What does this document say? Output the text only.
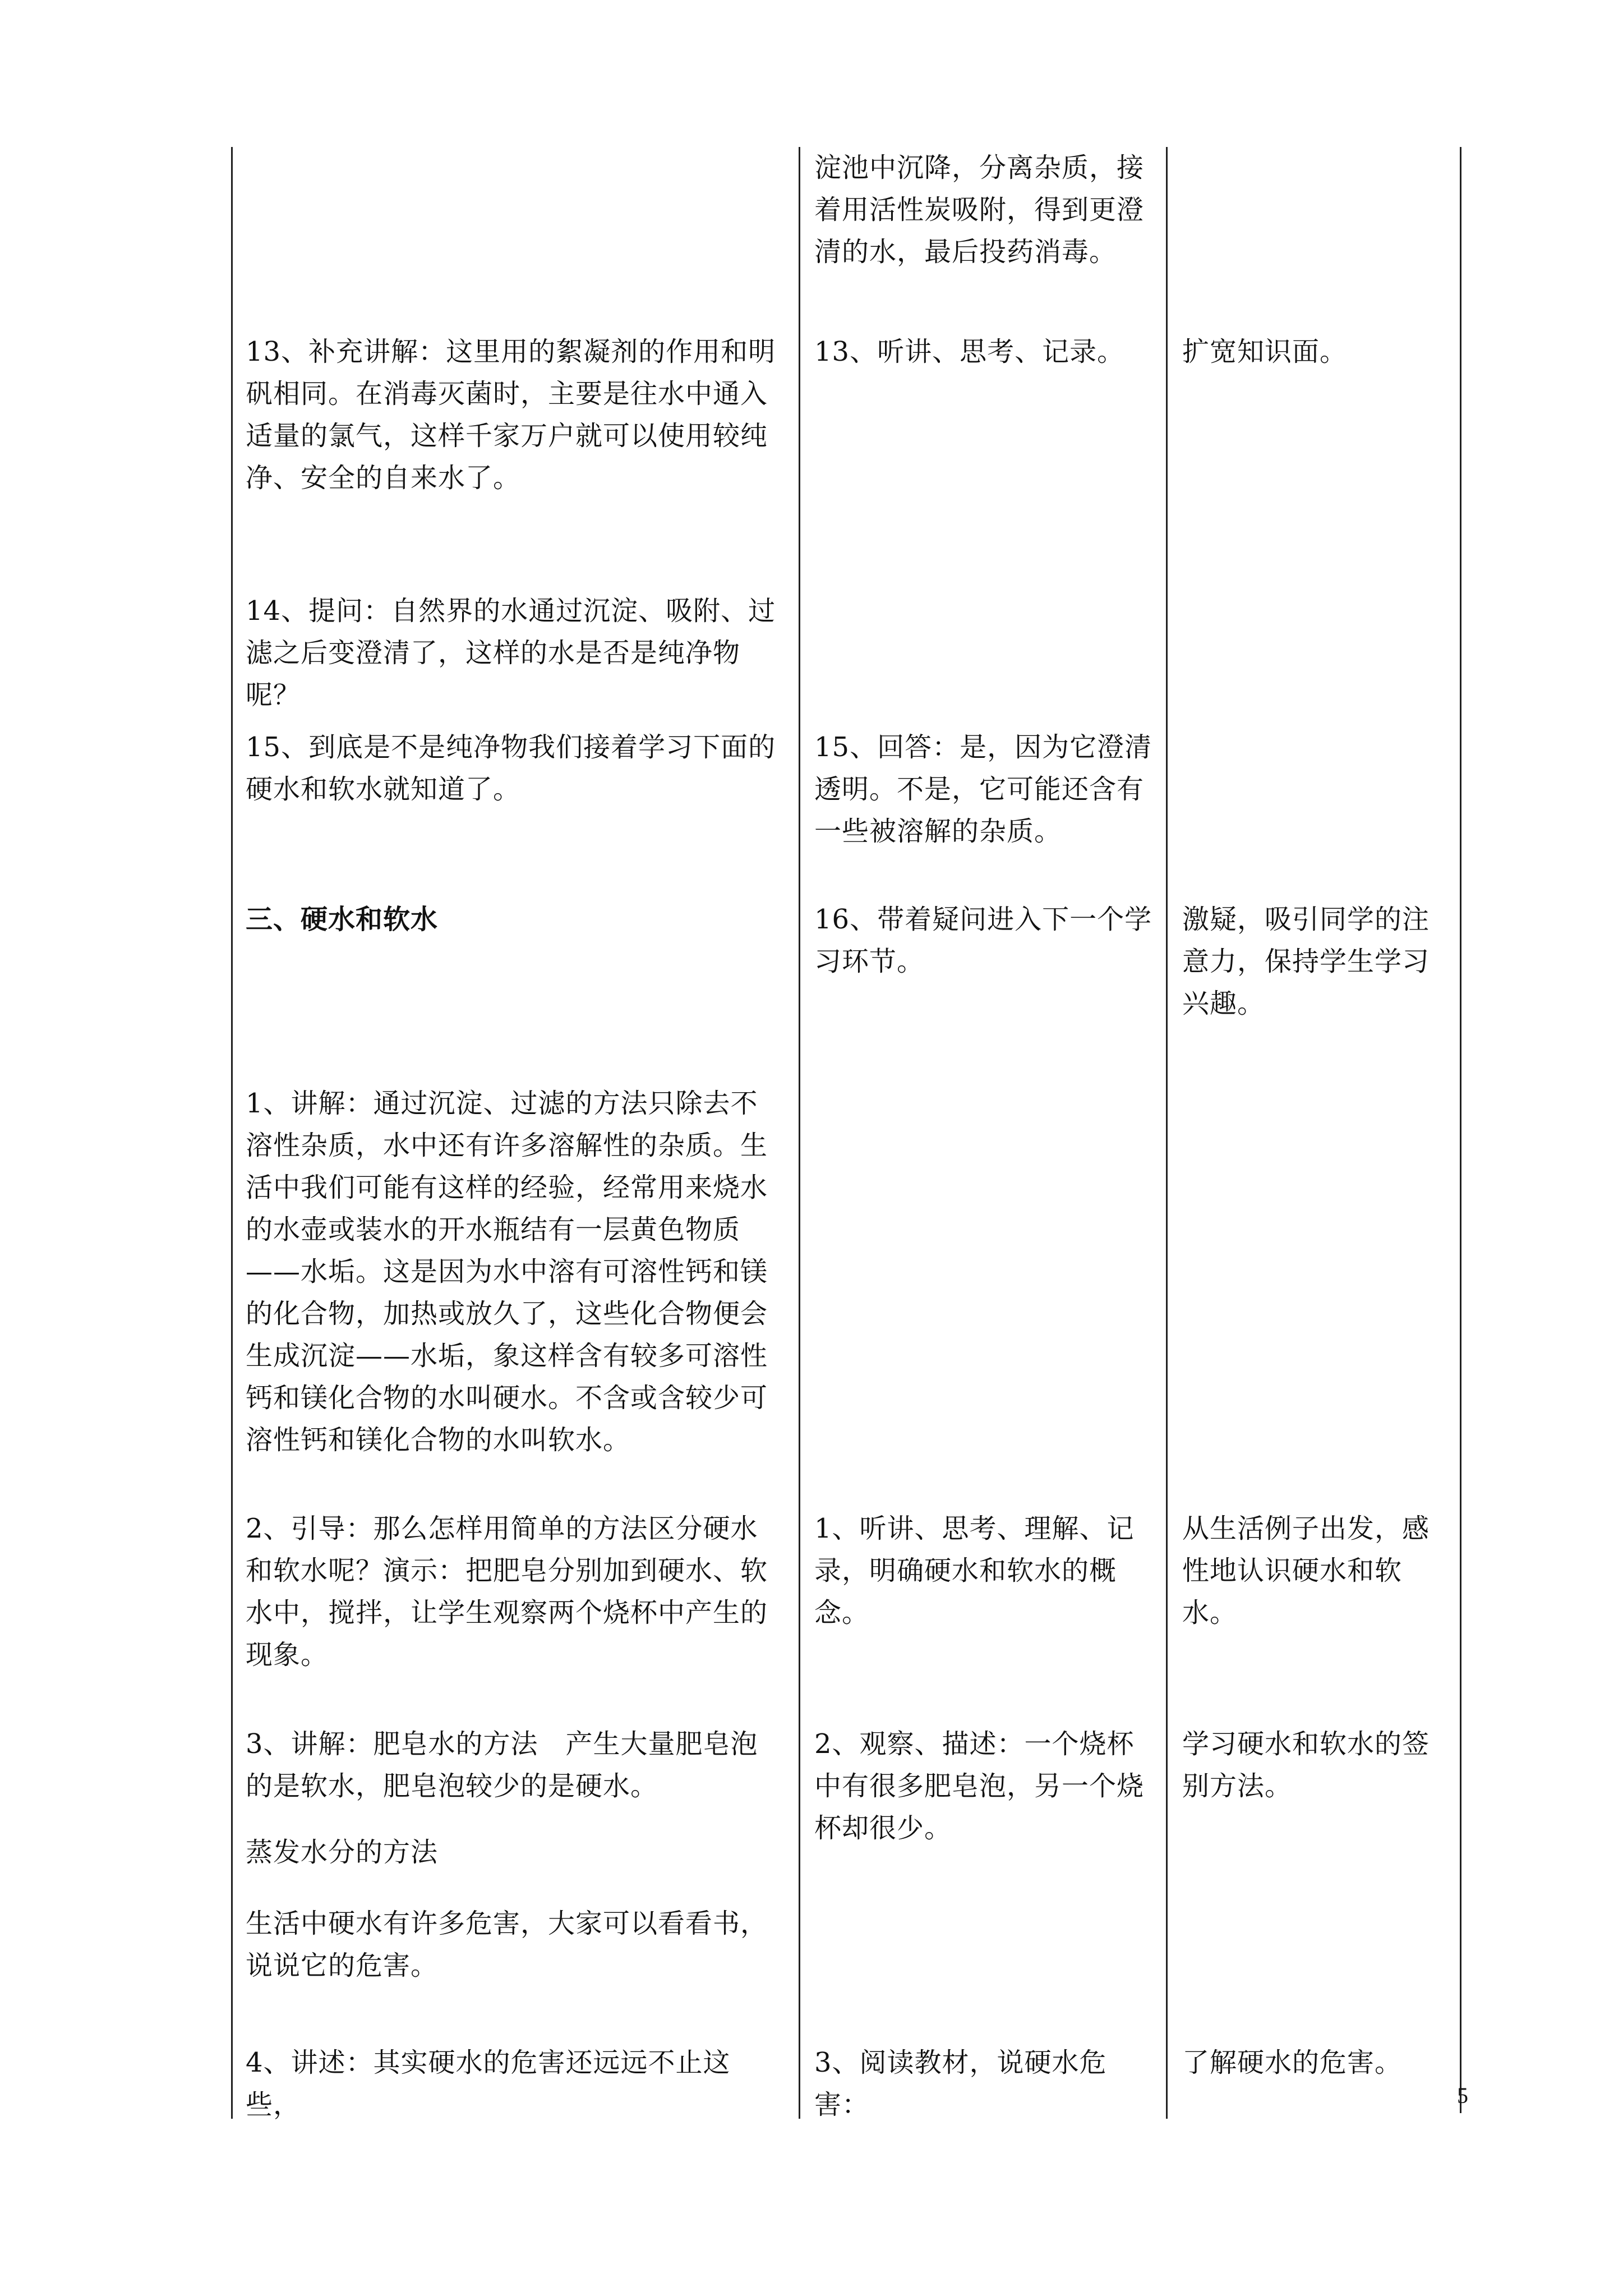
淀池中沉降，分离杂质，接
着用活性炭吸附，得到更澄
清的水，最后投药消毒。

13、补充讲解：这里用的絮凝剂的作用和明
矾相同。在消毒灭菌时，主要是往水中通入
适量的氯气，这样千家万户就可以使用较纯
净、安全的自来水了。

13、听讲、思考、记录。	扩宽知识面。

14、提问：自然界的水通过沉淀、吸附、过
滤之后变澄清了，这样的水是否是纯净物
呢？

15、到底是不是纯净物我们接着学习下面的
硬水和软水就知道了。

15、回答：是，因为它澄清
透明。不是，它可能还含有
一些被溶解的杂质。

三、硬水和软水	16、带着疑问进入下一个学
习环节。

激疑，吸引同学的注
意力，保持学生学习
兴趣。

1、讲解：通过沉淀、过滤的方法只除去不
溶性杂质，水中还有许多溶解性的杂质。生
活中我们可能有这样的经验，经常用来烧水
的水壶或装水的开水瓶结有一层黄色物质
——水垢。这是因为水中溶有可溶性钙和镁
的化合物，加热或放久了，这些化合物便会
生成沉淀——水垢，象这样含有较多可溶性
钙和镁化合物的水叫硬水。不含或含较少可
溶性钙和镁化合物的水叫软水。

2、引导：那么怎样用简单的方法区分硬水
和软水呢？演示：把肥皂分别加到硬水、软
水中，搅拌，让学生观察两个烧杯中产生的
现象。

1、听讲、思考、理解、记
录，明确硬水和软水的概念。

从生活例子出发，感
性地认识硬水和软水。

3、讲解：肥皂水的方法　产生大量肥皂泡
的是软水，肥皂泡较少的是硬水。

蒸发水分的方法

生活中硬水有许多危害，大家可以看看书，
说说它的危害。

2、观察、描述：一个烧杯
中有很多肥皂泡，另一个烧
杯却很少。

学习硬水和软水的签
别方法。

4、讲述：其实硬水的危害还远远不止这些，

3、阅读教材，说硬水危害：

了解硬水的危害。

5
